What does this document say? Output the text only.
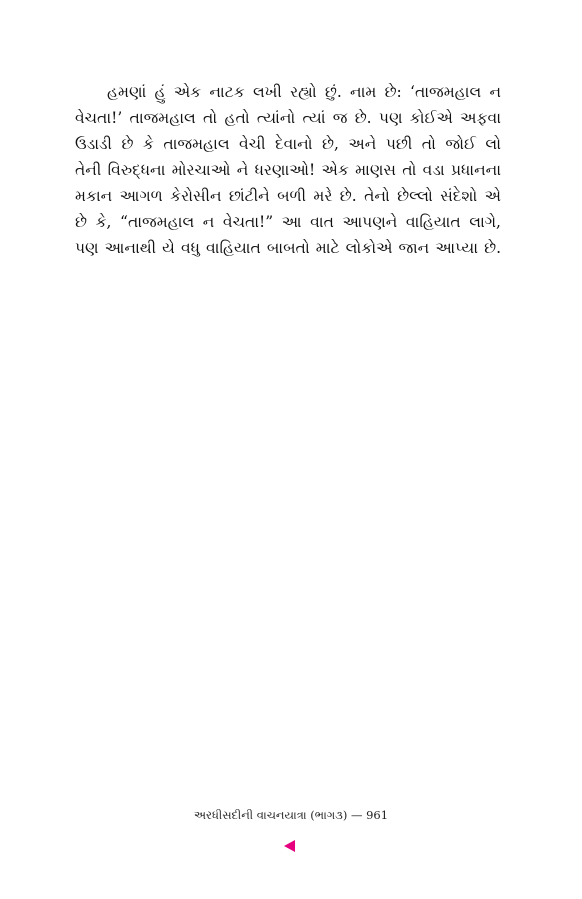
હમણાં હું એક નાટક લખી રહ્યો છું. નામ છે: ‘તાજમહાલ ન
વેચતા!’ તાજમહાલ તો હતો ત્યાંનો ત્યાં જ છે. પણ કોઈએ અફવા
ઉડાડી છે કે તાજમહાલ વેચી દેવાનો છે, અને પછી તો જોઈ લો
તેની વિરુદ્ધના મોરચાઓ ને ધરણાઓ! એક માણસ તો વડા પ્રધાનના
મકાન આગળ કેરોસીન છાંટીને બળી મરે છે. તેનો છેલ્લો સંદેશો એ
છે કે, “તાજમહાલ ન વેચતા!” આ વાત આપણને વાહિયાત લાગે,
પણ આનાથી યે વધુ વાહિયાત બાબતો માટે લોકોએ જાન આપ્યા છે.
અરધીસદીની વાચનયાત્રા (ભાગ૩) — 961
